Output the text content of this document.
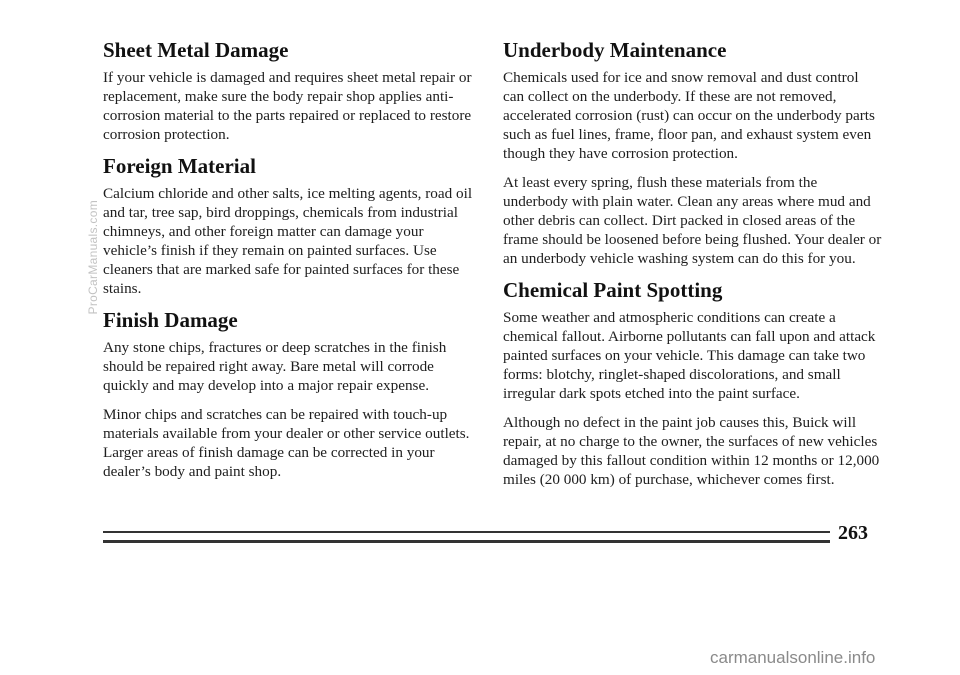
Sheet Metal Damage

If your vehicle is damaged and requires sheet metal repair or replacement, make sure the body repair shop applies anti-corrosion material to the parts repaired or replaced to restore corrosion protection.

Foreign Material

Calcium chloride and other salts, ice melting agents, road oil and tar, tree sap, bird droppings, chemicals from industrial chimneys, and other foreign matter can damage your vehicle’s finish if they remain on painted surfaces. Use cleaners that are marked safe for painted surfaces for these stains.

Finish Damage

Any stone chips, fractures or deep scratches in the finish should be repaired right away. Bare metal will corrode quickly and may develop into a major repair expense.

Minor chips and scratches can be repaired with touch-up materials available from your dealer or other service outlets. Larger areas of finish damage can be corrected in your dealer’s body and paint shop.

Underbody Maintenance

Chemicals used for ice and snow removal and dust control can collect on the underbody. If these are not removed, accelerated corrosion (rust) can occur on the underbody parts such as fuel lines, frame, floor pan, and exhaust system even though they have corrosion protection.

At least every spring, flush these materials from the underbody with plain water. Clean any areas where mud and other debris can collect. Dirt packed in closed areas of the frame should be loosened before being flushed. Your dealer or an underbody vehicle washing system can do this for you.

Chemical Paint Spotting

Some weather and atmospheric conditions can create a chemical fallout. Airborne pollutants can fall upon and attack painted surfaces on your vehicle. This damage can take two forms: blotchy, ringlet-shaped discolorations, and small irregular dark spots etched into the paint surface.

Although no defect in the paint job causes this, Buick will repair, at no charge to the owner, the surfaces of new vehicles damaged by this fallout condition within 12 months or 12,000 miles (20 000 km) of purchase, whichever comes first.

263
ProCarManuals.com
carmanualsonline.info
